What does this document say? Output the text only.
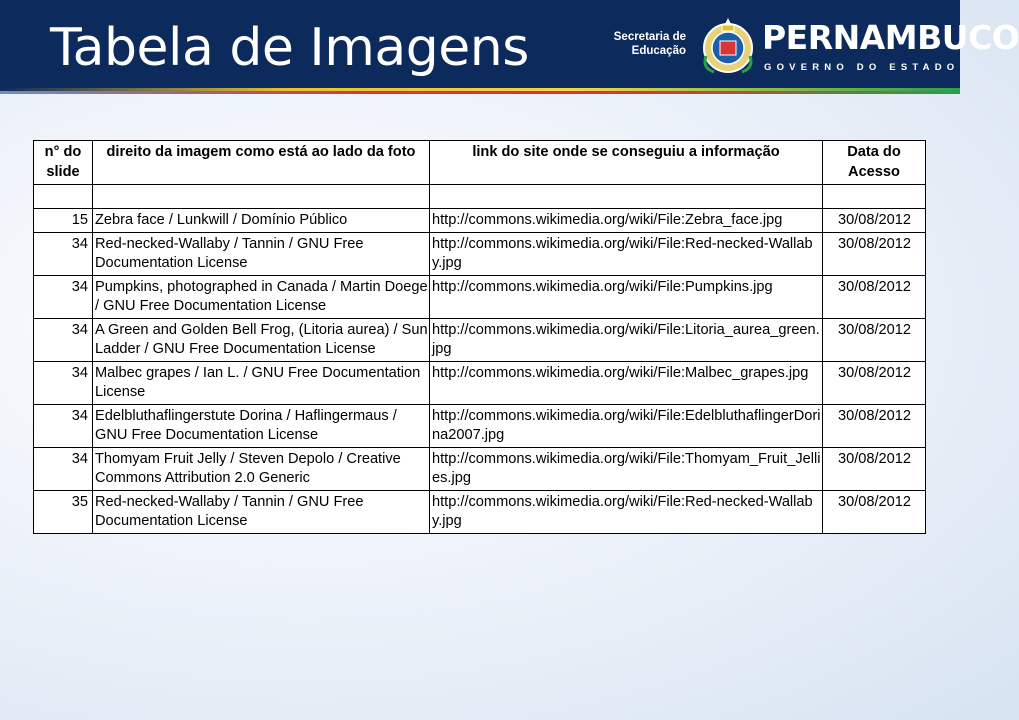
Tabela de Imagens	Secretaria de
Educação PERNAMBUCO
GOVERNO DO ESTADO
n° do slide	direito da imagem como está ao lado da foto	link do site onde se conseguiu a informação	Data do Acesso

15	Zebra face / Lunkwill / Domínio Público	http://commons.wikimedia.org/wiki/File:Zebra_face.jpg	30/08/2012
34	Red-necked-Wallaby / Tannin / GNU Free Documentation License	http://commons.wikimedia.org/wiki/File:Red-necked-Wallaby.jpg	30/08/2012
34	Pumpkins, photographed in Canada / Martin Doege / GNU Free Documentation License	http://commons.wikimedia.org/wiki/File:Pumpkins.jpg	30/08/2012
34	A Green and Golden Bell Frog, (Litoria aurea) / Sun Ladder / GNU Free Documentation License	http://commons.wikimedia.org/wiki/File:Litoria_aurea_green.jpg	30/08/2012
34	Malbec grapes / Ian L. / GNU Free Documentation License	http://commons.wikimedia.org/wiki/File:Malbec_grapes.jpg	30/08/2012
34	Edelbluthaflingerstute Dorina / Haflingermaus / GNU Free Documentation License	http://commons.wikimedia.org/wiki/File:EdelbluthaflingerDorina2007.jpg	30/08/2012
34	Thomyam Fruit Jelly / Steven Depolo / Creative Commons Attribution 2.0 Generic	http://commons.wikimedia.org/wiki/File:Thomyam_Fruit_Jellies.jpg	30/08/2012
35	Red-necked-Wallaby / Tannin / GNU Free Documentation License	http://commons.wikimedia.org/wiki/File:Red-necked-Wallaby.jpg	30/08/2012
